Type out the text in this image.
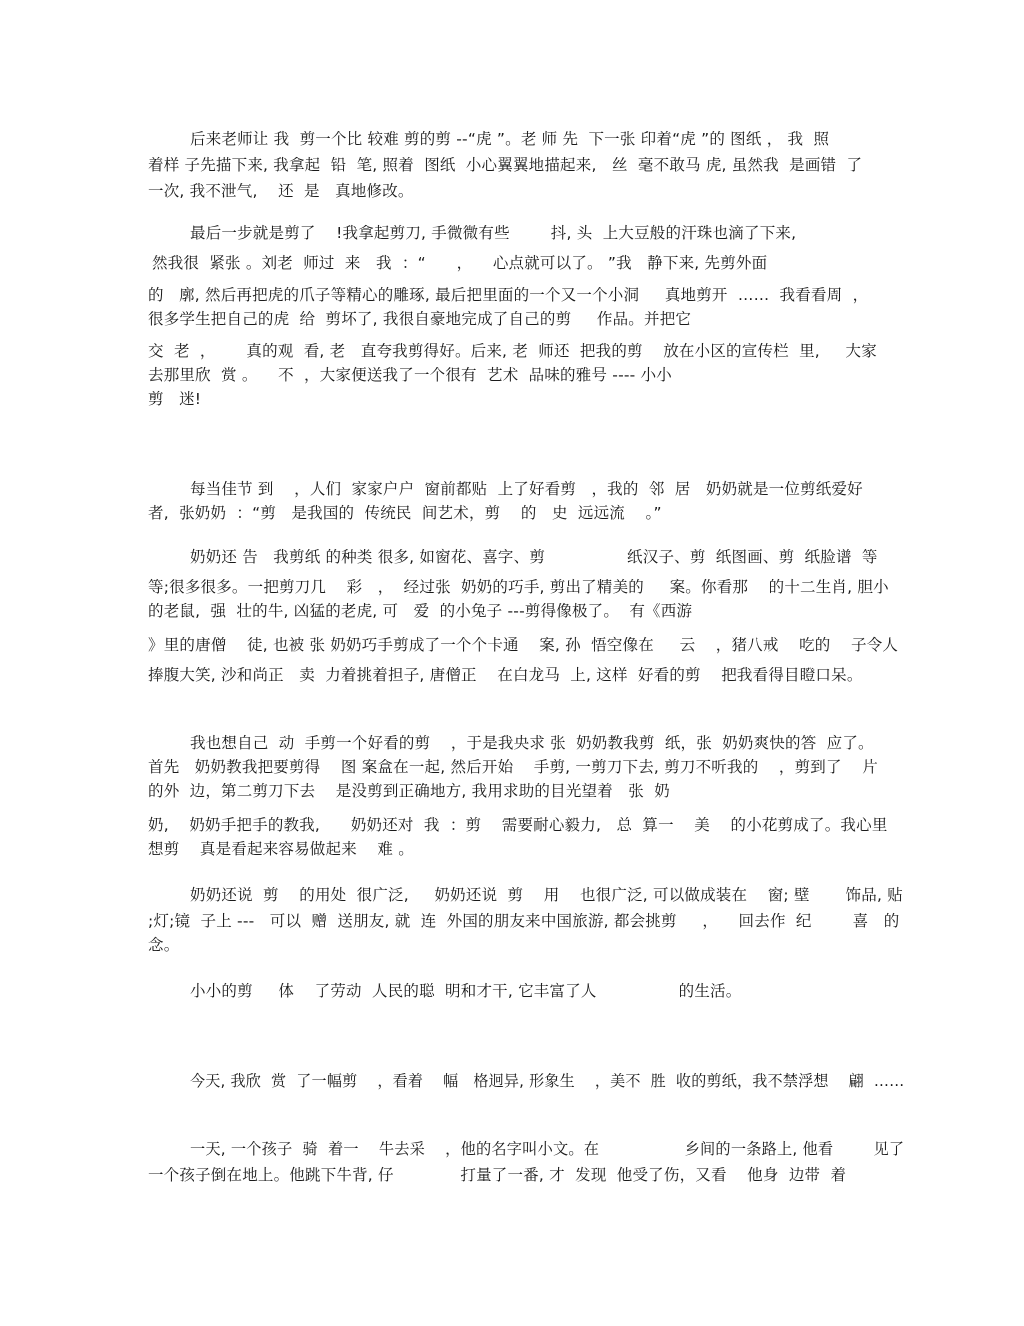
后来老师让 我  剪一个比 较难 剪的剪 --“虎 ”。老 师 先  下一张 印着“虎 ”的 图纸 ， 我  照
着样 子先描下来, 我拿起  铅  笔, 照着  图纸  小心翼翼地描起来,   丝  毫不敢马 虎, 虽然我  是画错  了
一次, 我不泄气,    还  是   真地修改。
最后一步就是剪了    !我拿起剪刀, 手微微有些        抖, 头  上大豆般的汗珠也滴了下来,
然我很  紧张 。刘老  师过  来   我  ：“      ，    心点就可以了。 ”我   静下来, 先剪外面
的   廓, 然后再把虎的爪子等精心的雕琢, 最后把里面的一个又一个小洞     真地剪开  ……  我看看周  ，
很多学生把自己的虎  给  剪坏了, 我很自豪地完成了自己的剪     作品。并把它
交  老  ，      真的观  看, 老   直夸我剪得好。后来, 老  师还  把我的剪    放在小区的宣传栏  里,     大家
去那里欣  赏 。    不  ，大家便送我了一个很有  艺术  品味的雅号 ---- 小小
剪   迷!
每当佳节 到    ，人们  家家户户  窗前都贴  上了好看剪   ，我的  邻  居   奶奶就是一位剪纸爱好
者,  张奶奶  ：“剪   是我国的  传统民  间艺术，剪    的   史  远远流    。”
奶奶还 告   我剪纸 的种类 很多, 如窗花、喜字、剪                纸汉子、剪  纸图画、剪  纸脸谱  等
等;很多很多。一把剪刀几    彩   ，  经过张  奶奶的巧手, 剪出了精美的     案。你看那    的十二生肖, 胆小
的老鼠,  强  壮的牛, 凶猛的老虎, 可   爱  的小兔子 ---剪得像极了。  有《西游
》里的唐僧    徒, 也被 张 奶奶巧手剪成了一个个卡通    案, 孙  悟空像在     云    ，猪八戒    吃的    子令人
捧腹大笑, 沙和尚正   卖  力着挑着担子, 唐僧正    在白龙马  上, 这样  好看的剪    把我看得目瞪口呆。
我也想自己  动  手剪一个好看的剪    ，于是我央求 张  奶奶教我剪  纸，张  奶奶爽快的答  应了。
首先   奶奶教我把要剪得    图 案盒在一起, 然后开始    手剪, 一剪刀下去, 剪刀不听我的    ，剪到了    片
的外  边，第二剪刀下去    是没剪到正确地方, 我用求助的目光望着   张  奶
奶,    奶奶手把手的教我,      奶奶还对  我  ：剪    需要耐心毅力,   总  算一    美    的小花剪成了。我心里
想剪    真是看起来容易做起来    难 。
奶奶还说  剪    的用处  很广泛,     奶奶还说  剪    用    也很广泛, 可以做成装在    窗; 壁       饰品, 贴
;灯;镜  子上 ---   可以  赠  送朋友, 就  连  外国的朋友来中国旅游, 都会挑剪     ，    回去作  纪        喜   的
念。
小小的剪     体    了劳动  人民的聪  明和才干, 它丰富了人                的生活。
今天, 我欣  赏  了一幅剪    ，看着    幅   格迥异, 形象生    ，美不  胜  收的剪纸，我不禁浮想    翩  ……
一天, 一个孩子  骑  着一    牛去采    ，他的名字叫小文。在                 乡间的一条路上, 他看        见了
一个孩子倒在地上。他跳下牛背, 仔             打量了一番, 才  发现  他受了伤，又看    他身  边带  着
